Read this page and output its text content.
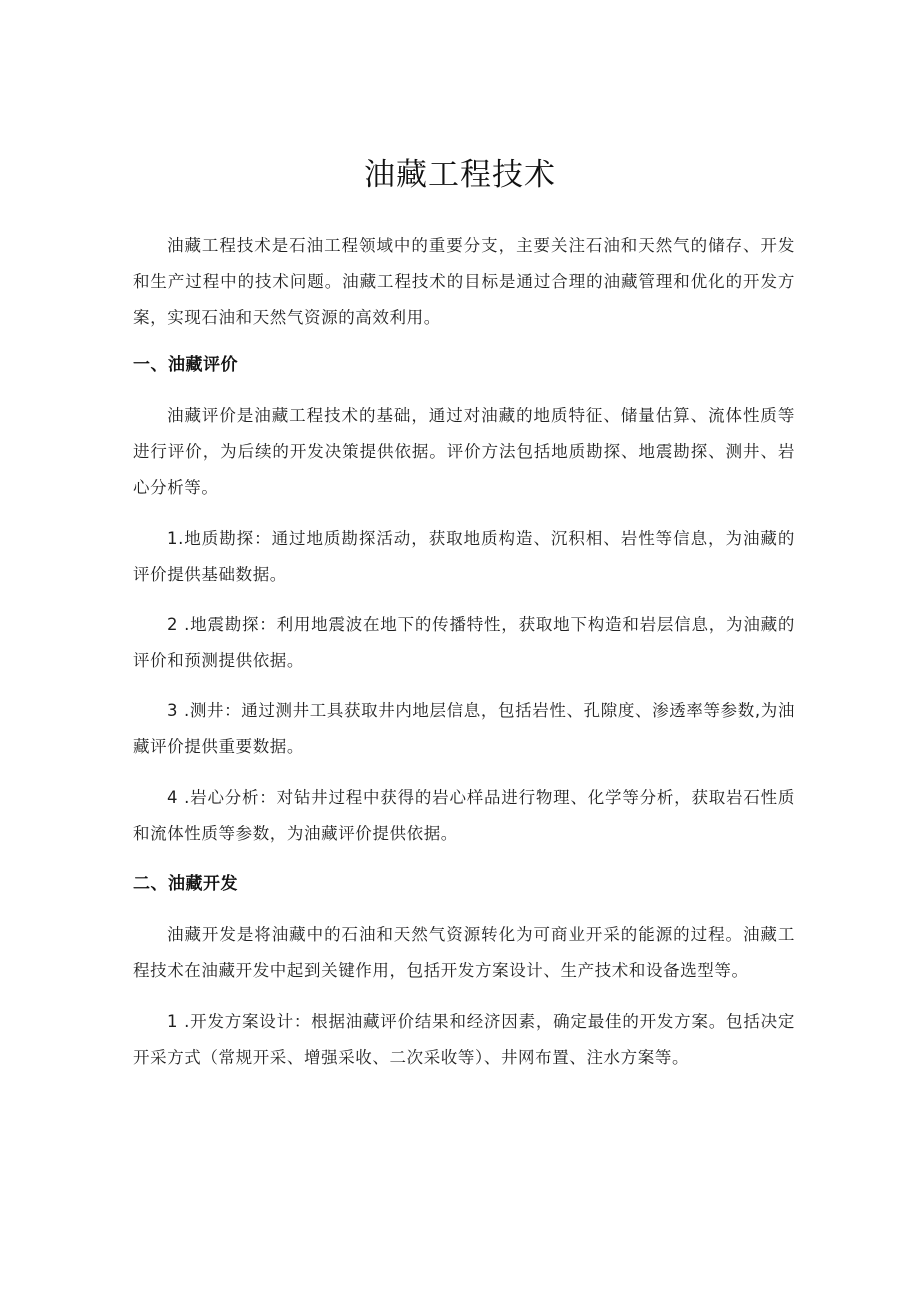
油藏工程技术

油藏工程技术是石油工程领域中的重要分支，主要关注石油和天然气的储存、开发和生产过程中的技术问题。油藏工程技术的目标是通过合理的油藏管理和优化的开发方案，实现石油和天然气资源的高效利用。

一、油藏评价

油藏评价是油藏工程技术的基础，通过对油藏的地质特征、储量估算、流体性质等进行评价，为后续的开发决策提供依据。评价方法包括地质勘探、地震勘探、测井、岩心分析等。

1.地质勘探：通过地质勘探活动，获取地质构造、沉积相、岩性等信息，为油藏的评价提供基础数据。

2 .地震勘探：利用地震波在地下的传播特性，获取地下构造和岩层信息，为油藏的评价和预测提供依据。

3 .测井：通过测井工具获取井内地层信息，包括岩性、孔隙度、渗透率等参数,为油藏评价提供重要数据。

4 .岩心分析：对钻井过程中获得的岩心样品进行物理、化学等分析，获取岩石性质和流体性质等参数，为油藏评价提供依据。

二、油藏开发

油藏开发是将油藏中的石油和天然气资源转化为可商业开采的能源的过程。油藏工程技术在油藏开发中起到关键作用，包括开发方案设计、生产技术和设备选型等。

1 .开发方案设计：根据油藏评价结果和经济因素，确定最佳的开发方案。包括决定开采方式（常规开采、增强采收、二次采收等）、井网布置、注水方案等。
